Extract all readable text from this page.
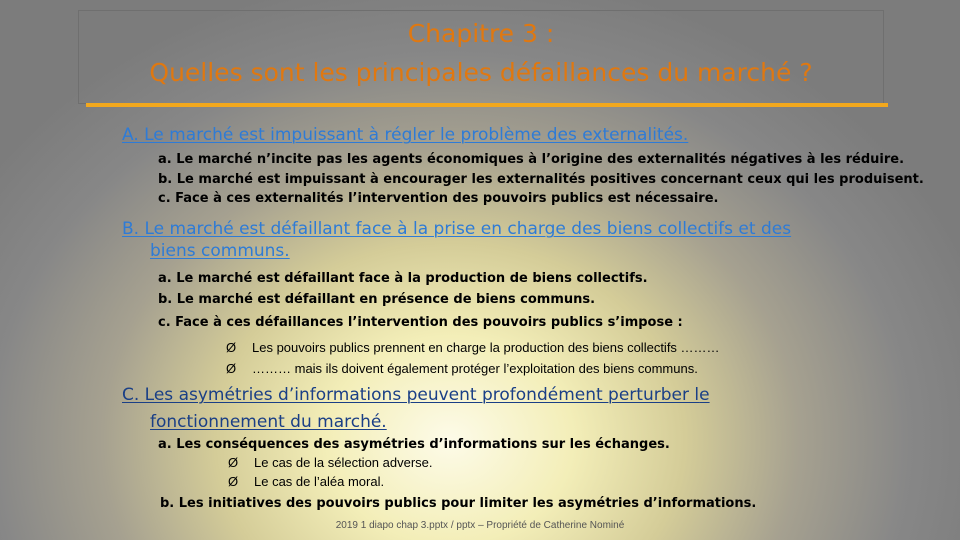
Chapitre 3 :
Quelles sont les principales défaillances du marché ?
A. Le marché est impuissant à régler le problème des externalités.
a. Le marché n’incite pas les agents économiques à l’origine des externalités négatives à les réduire.
b. Le marché est impuissant à encourager les externalités positives concernant ceux qui les produisent.
c. Face à ces externalités l’intervention des pouvoirs publics est nécessaire.
B. Le marché est défaillant face à la prise en charge des biens collectifs et des
biens communs.
a. Le marché est défaillant face à la production de biens collectifs.
b. Le marché est défaillant en présence de biens communs.
c. Face à ces défaillances l’intervention des pouvoirs publics s’impose :
Ø Les pouvoirs publics prennent en charge la production des biens collectifs ………
Ø ……… mais ils doivent également protéger l’exploitation des biens communs.
C. Les asymétries d’informations peuvent profondément perturber le
fonctionnement du marché.
a. Les conséquences des asymétries d’informations sur les échanges.
Ø Le cas de la sélection adverse.
Ø Le cas de l’aléa moral.
b. Les initiatives des pouvoirs publics pour limiter les asymétries d’informations.
2019 1 diapo chap 3.pptx / pptx – Propriété de Catherine Nominé
